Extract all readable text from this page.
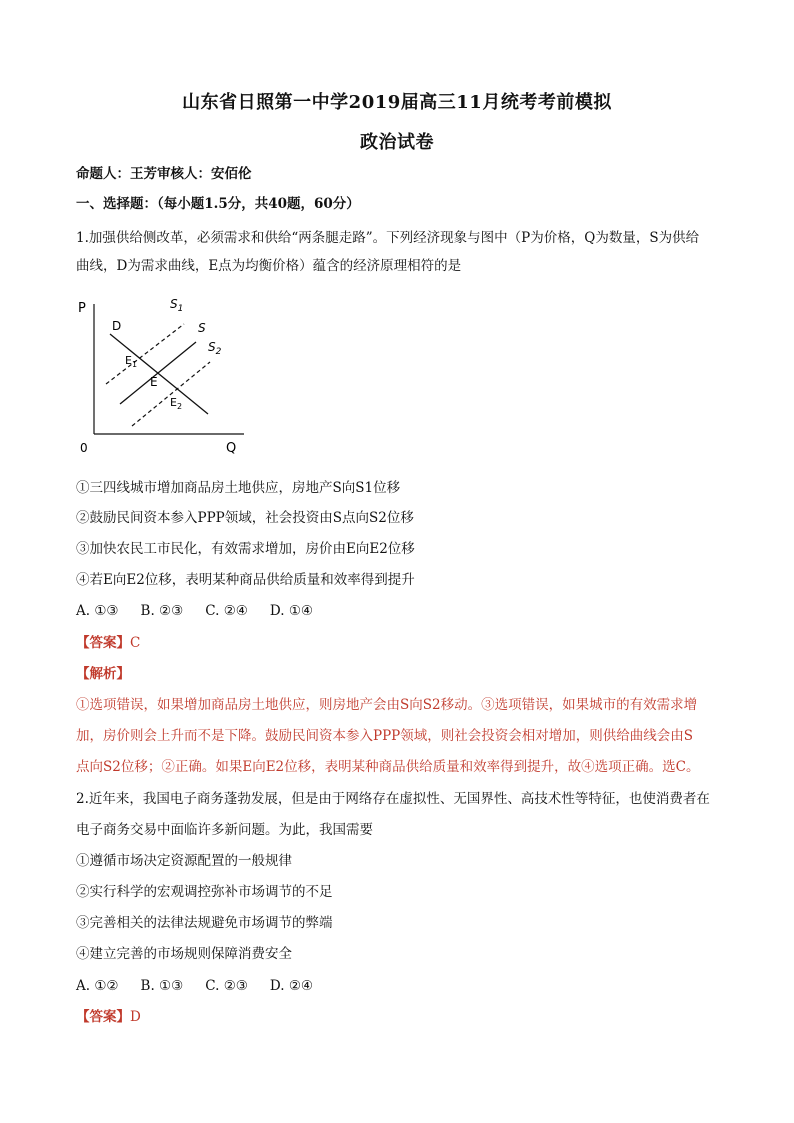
山东省日照第一中学2019届高三11月统考考前模拟
政治试卷
命题人：王芳审核人：安佰伦
一、选择题：（每小题1.5分，共40题，60分）
1.加强供给侧改革，必须需求和供给“两条腿走路”。下列经济现象与图中（P为价格，Q为数量，S为供给
曲线，D为需求曲线，E点为均衡价格）蕴含的经济原理相符的是
P
Q
0
D
$S_1$
S
$S_2$
$E_1$
E
$E_2$
①三四线城市增加商品房土地供应，房地产S向S1位移
②鼓励民间资本参入PPP领域，社会投资由S点向S2位移
③加快农民工市民化，有效需求增加，房价由E向E2位移
④若E向E2位移，表明某种商品供给质量和效率得到提升
A. ①③ B. ②③ C. ②④ D. ①④
【答案】C
【解析】
①选项错误，如果增加商品房土地供应，则房地产会由S向S2移动。③选项错误，如果城市的有效需求增
加，房价则会上升而不是下降。鼓励民间资本参入PPP领域，则社会投资会相对增加，则供给曲线会由S
点向S2位移；②正确。如果E向E2位移，表明某种商品供给质量和效率得到提升，故④选项正确。选C。
2.近年来，我国电子商务蓬勃发展，但是由于网络存在虚拟性、无国界性、高技术性等特征，也使消费者在
电子商务交易中面临许多新问题。为此，我国需要
①遵循市场决定资源配置的一般规律
②实行科学的宏观调控弥补市场调节的不足
③完善相关的法律法规避免市场调节的弊端
④建立完善的市场规则保障消费安全
A. ①② B. ①③ C. ②③ D. ②④
【答案】D
